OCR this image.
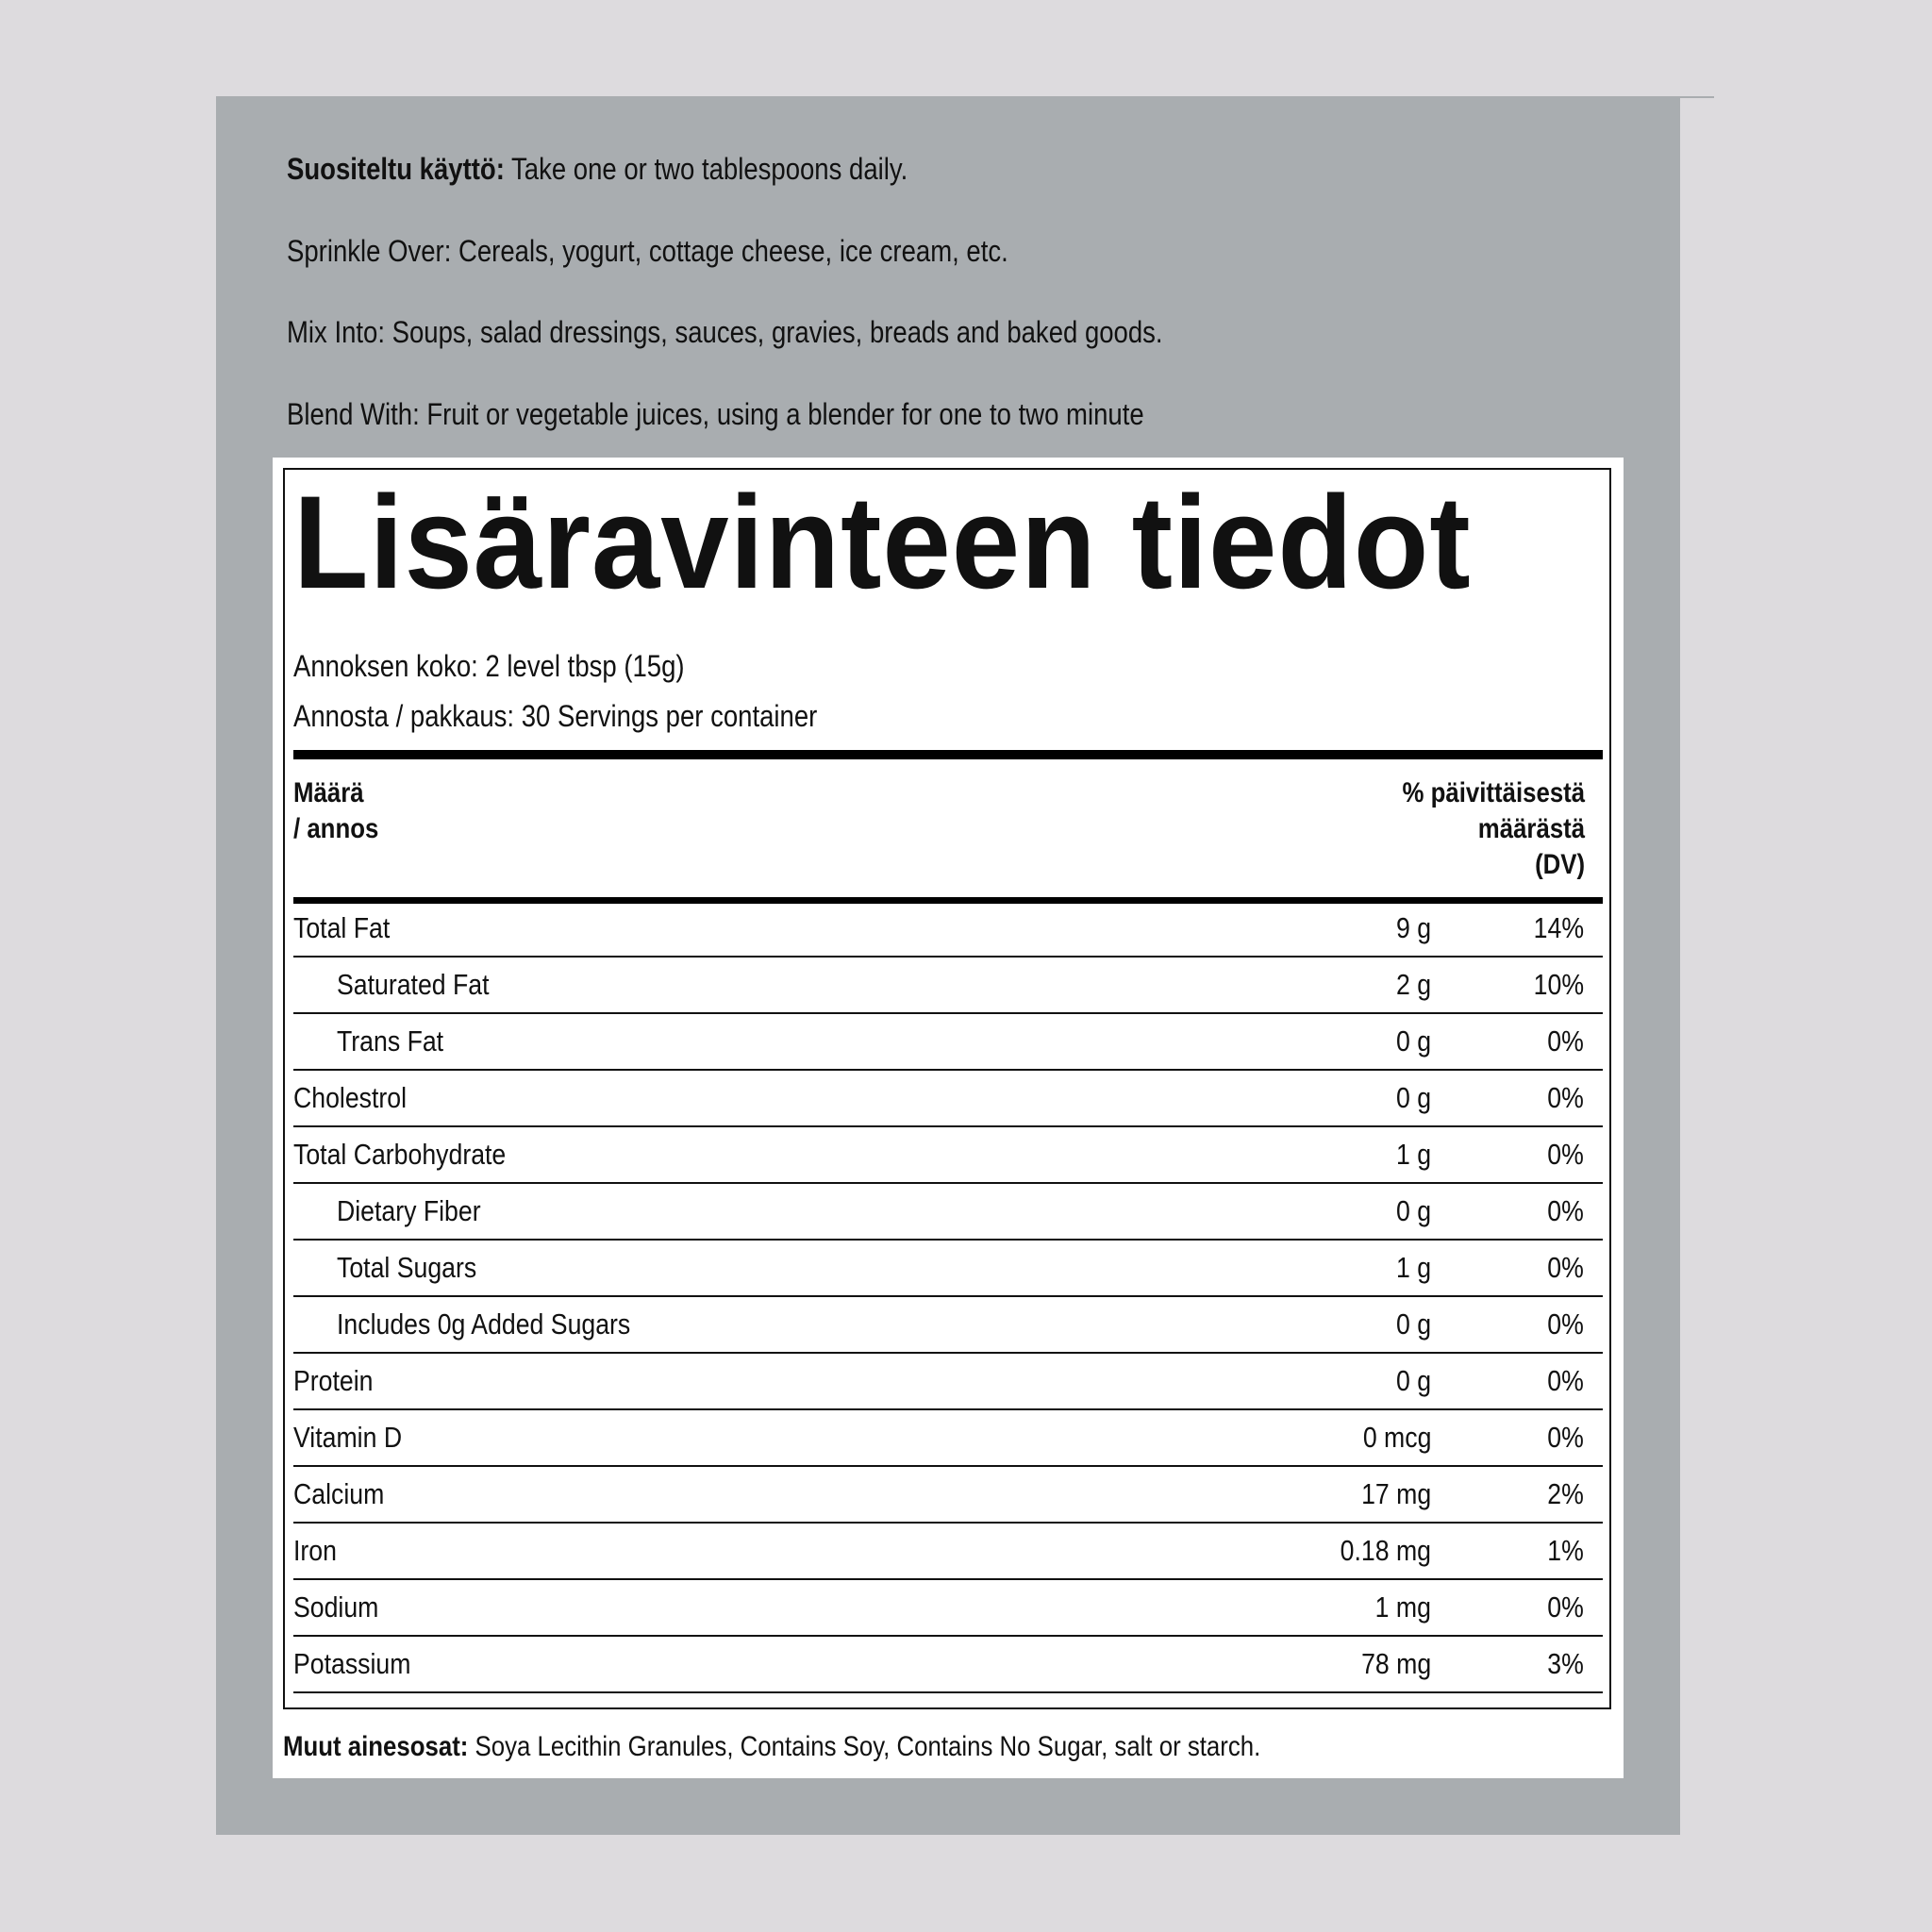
Suositeltu käyttö: Take one or two tablespoons daily.
Sprinkle Over: Cereals, yogurt, cottage cheese, ice cream, etc.
Mix Into: Soups, salad dressings, sauces, gravies, breads and baked goods.
Blend With: Fruit or vegetable juices, using a blender for one to two minute
Lisäravinteen tiedot
Annoksen koko: 2 level tbsp (15g)
Annosta / pakkaus: 30 Servings per container
Määrä
/ annos
% päivittäisestä
määrästä
(DV)
Total Fat	9 g	14%
Saturated Fat	2 g	10%
Trans Fat	0 g	0%
Cholestrol	0 g	0%
Total Carbohydrate	1 g	0%
Dietary Fiber	0 g	0%
Total Sugars	1 g	0%
Includes 0g Added Sugars	0 g	0%
Protein	0 g	0%
Vitamin D	0 mcg	0%
Calcium	17 mg	2%
Iron	0.18 mg	1%
Sodium	1 mg	0%
Potassium	78 mg	3%
Muut ainesosat: Soya Lecithin Granules, Contains Soy, Contains No Sugar, salt or starch.
